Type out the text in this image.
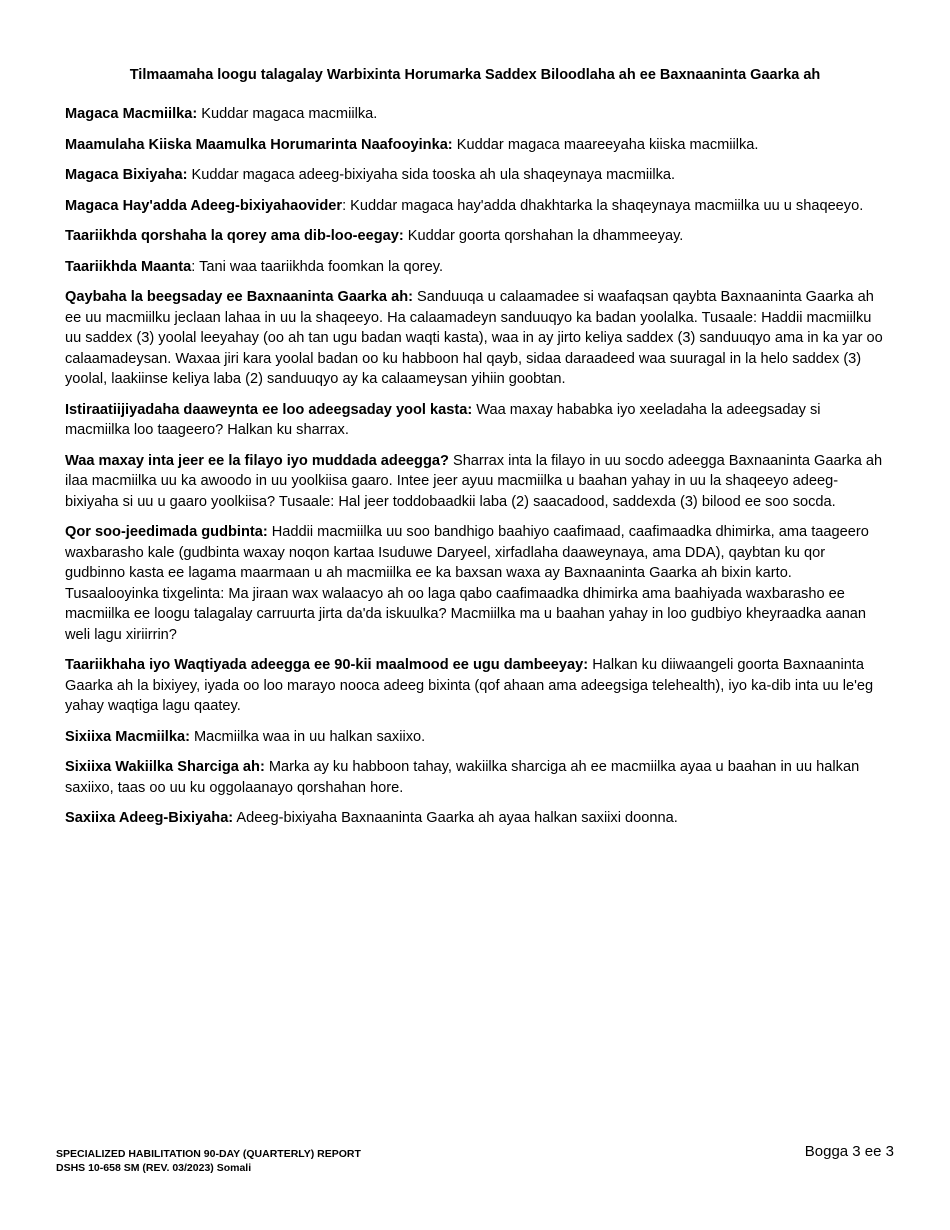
Tilmaamaha loogu talagalay Warbixinta Horumarka Saddex Biloodlaha ah ee Baxnaaninta Gaarka ah

Magaca Macmiilka: Kuddar magaca macmiilka.

Maamulaha Kiiska Maamulka Horumarinta Naafooyinka: Kuddar magaca maareeyaha kiiska macmiilka.

Magaca Bixiyaha: Kuddar magaca adeeg-bixiyaha sida tooska ah ula shaqeynaya macmiilka.

Magaca Hay'adda Adeeg-bixiyahaovider: Kuddar magaca hay'adda dhakhtarka la shaqeynaya macmiilka uu u shaqeeyo.

Taariikhda qorshaha la qorey ama dib-loo-eegay: Kuddar goorta qorshahan la dhammeeyay.

Taariikhda Maanta: Tani waa taariikhda foomkan la qorey.

Qaybaha la beegsaday ee Baxnaaninta Gaarka ah: Sanduuqa u calaamadee si waafaqsan qaybta Baxnaaninta Gaarka ah ee uu macmiilku jeclaan lahaa in uu la shaqeeyo. Ha calaamadeyn sanduuqyo ka badan yoolalka. Tusaale: Haddii macmiilku uu saddex (3) yoolal leeyahay (oo ah tan ugu badan waqti kasta), waa in ay jirto keliya saddex (3) sanduuqyo ama in ka yar oo calaamadeysan. Waxaa jiri kara yoolal badan oo ku habboon hal qayb, sidaa daraadeed waa suuragal in la helo saddex (3) yoolal, laakiinse keliya laba (2) sanduuqyo ay ka calaameysan yihiin goobtan.

Istiraatiijiyadaha daaweynta ee loo adeegsaday yool kasta: Waa maxay hababka iyo xeeladaha la adeegsaday si macmiilka loo taageero? Halkan ku sharrax.

Waa maxay inta jeer ee la filayo iyo muddada adeegga? Sharrax inta la filayo in uu socdo adeegga Baxnaaninta Gaarka ah ilaa macmiilka uu ka awoodo in uu yoolkiisa gaaro. Intee jeer ayuu macmiilka u baahan yahay in uu la shaqeeyo adeeg-bixiyaha si uu u gaaro yoolkiisa? Tusaale: Hal jeer toddobaadkii laba (2) saacadood, saddexda (3) bilood ee soo socda.

Qor soo-jeedimada gudbinta: Haddii macmiilka uu soo bandhigo baahiyo caafimaad, caafimaadka dhimirka, ama taageero waxbarasho kale (gudbinta waxay noqon kartaa Isuduwe Daryeel, xirfadlaha daaweynaya, ama DDA), qaybtan ku qor gudbinno kasta ee lagama maarmaan u ah macmiilka ee ka baxsan waxa ay Baxnaaninta Gaarka ah bixin karto. Tusaalooyinka tixgelinta: Ma jiraan wax walaacyo ah oo laga qabo caafimaadka dhimirka ama baahiyada waxbarasho ee macmiilka ee loogu talagalay carruurta jirta da'da iskuulka? Macmiilka ma u baahan yahay in loo gudbiyo kheyraadka aanan weli lagu xiriirrin?

Taariikhaha iyo Waqtiyada adeegga ee 90-kii maalmood ee ugu dambeeyay: Halkan ku diiwaangeli goorta Baxnaaninta Gaarka ah la bixiyey, iyada oo loo marayo nooca adeeg bixinta (qof ahaan ama adeegsiga telehealth), iyo ka-dib inta uu le'eg yahay waqtiga lagu qaatey.

Sixiixa Macmiilka: Macmiilka waa in uu halkan saxiixo.

Sixiixa Wakiilka Sharciga ah: Marka ay ku habboon tahay, wakiilka sharciga ah ee macmiilka ayaa u baahan in uu halkan saxiixo, taas oo uu ku oggolaanayo qorshahan hore.

Saxiixa Adeeg-Bixiyaha: Adeeg-bixiyaha Baxnaaninta Gaarka ah ayaa halkan saxiixi doonna.

SPECIALIZED HABILITATION 90-DAY (QUARTERLY) REPORT
DSHS 10-658 SM (REV. 03/2023) Somali
Bogga 3 ee 3
